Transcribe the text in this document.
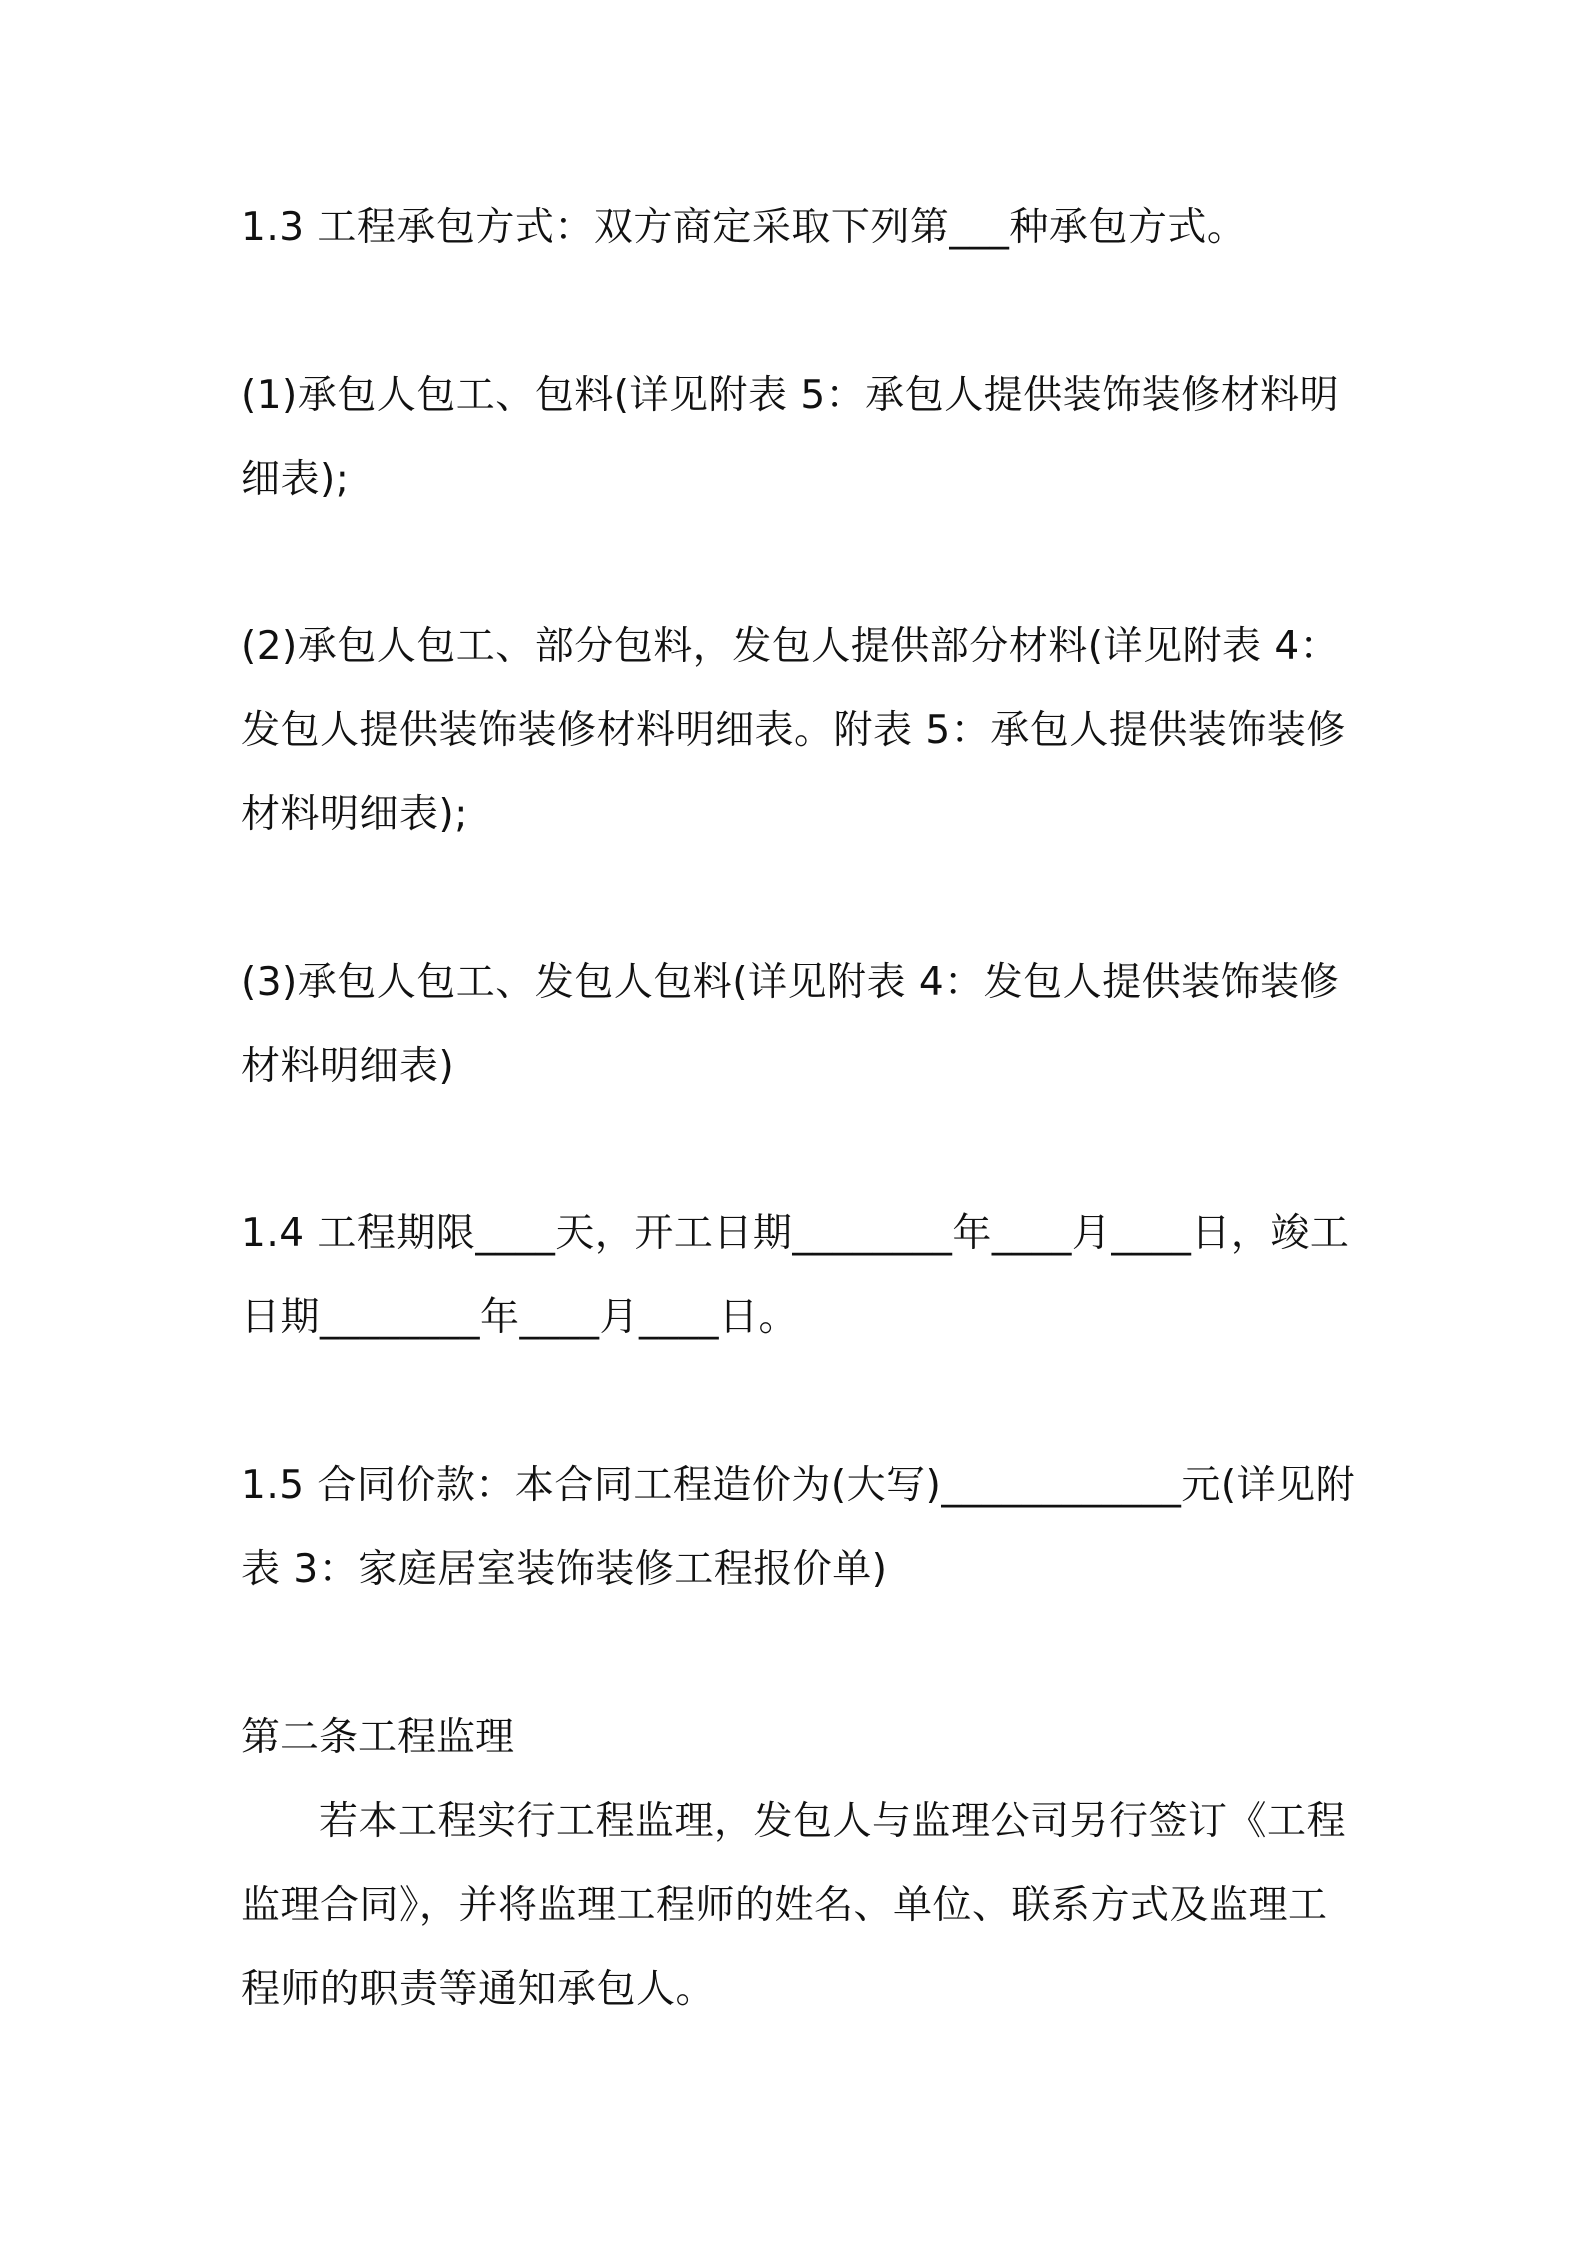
1.3 工程承包方式：双方商定采取下列第___种承包方式。
(1)承包人包工、包料(详见附表 5：承包人提供装饰装修材料明细表);
(2)承包人包工、部分包料，发包人提供部分材料(详见附表 4：发包人提供装饰装修材料明细表。附表 5：承包人提供装饰装修材料明细表);
(3)承包人包工、发包人包料(详见附表 4：发包人提供装饰装修材料明细表)
1.4 工程期限____天，开工日期________年____月____日，竣工日期________年____月____日。
1.5 合同价款：本合同工程造价为(大写)____________元(详见附表 3：家庭居室装饰装修工程报价单)
第二条工程监理
若本工程实行工程监理，发包人与监理公司另行签订《工程监理合同》，并将监理工程师的姓名、单位、联系方式及监理工程师的职责等通知承包人。
